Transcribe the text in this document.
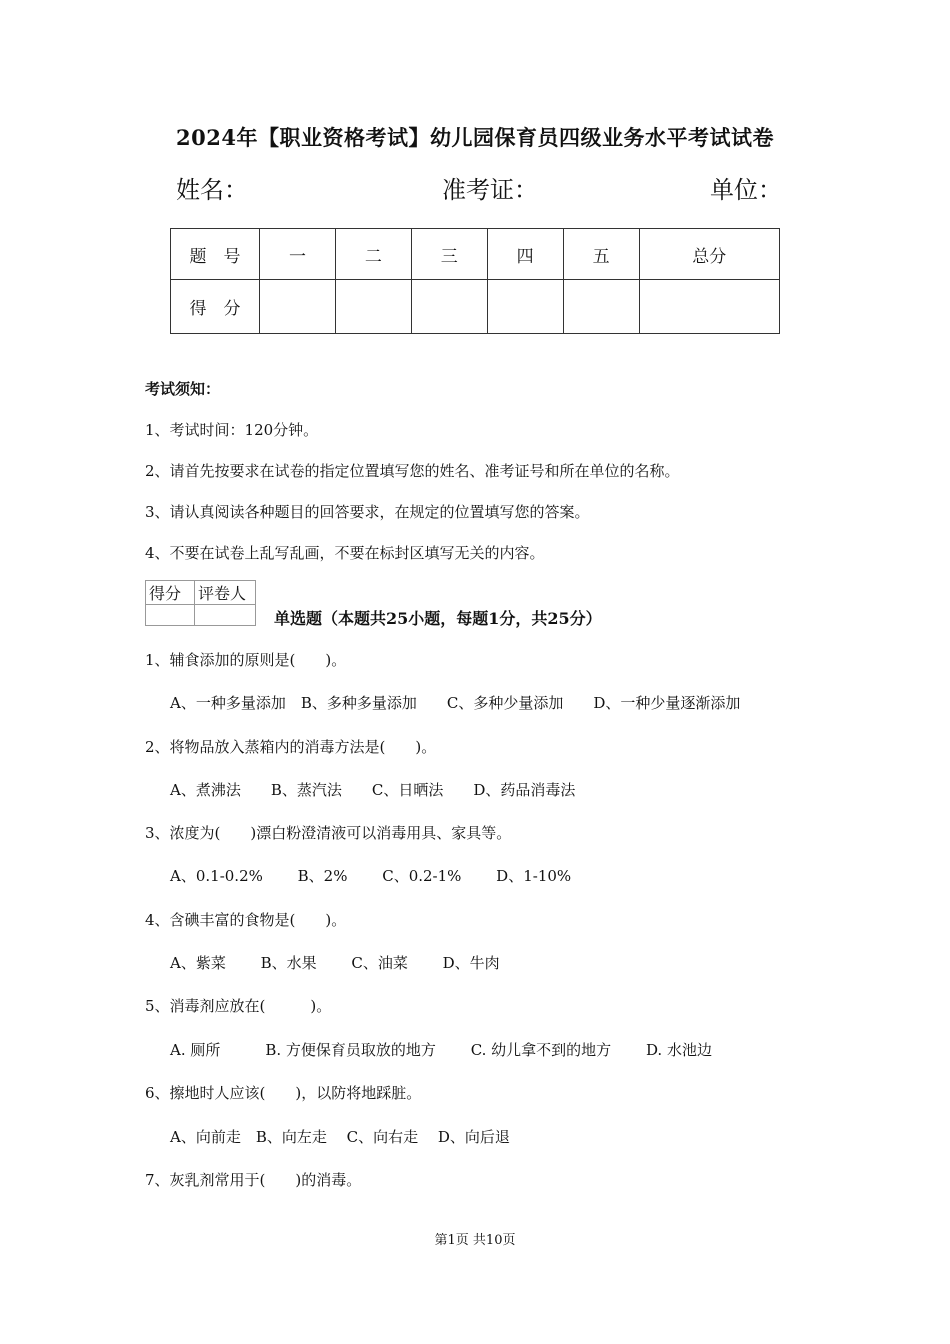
2024年【职业资格考试】幼儿园保育员四级业务水平考试试卷
姓名：	准考证：	单位：
题　号	一	二	三	四	五	总分
得　分						
考试须知：
1、考试时间：120分钟。
2、请首先按要求在试卷的指定位置填写您的姓名、准考证号和所在单位的名称。
3、请认真阅读各种题目的回答要求，在规定的位置填写您的答案。
4、不要在试卷上乱写乱画，不要在标封区填写无关的内容。
得分	评卷人

单选题（本题共25小题，每题1分，共25分）
1、辅食添加的原则是(　　)。
A、一种多量添加　B、多种多量添加　　C、多种少量添加　　D、一种少量逐渐添加
2、将物品放入蒸箱内的消毒方法是(　　)。
A、煮沸法　　B、蒸汽法　　C、日晒法　　D、药品消毒法
3、浓度为(　　)漂白粉澄清液可以消毒用具、家具等。
A、0.1-0.2%　　 B、2%　　 C、0.2-1%　　 D、1-10%
4、含碘丰富的食物是(　　)。
A、紫菜　　 B、水果　　 C、油菜　　 D、牛肉
5、消毒剂应放在(　　　)。
A. 厕所　　　B. 方便保育员取放的地方　　 C. 幼儿拿不到的地方　　 D. 水池边
6、擦地时人应该(　　)，以防将地踩脏。
A、向前走　B、向左走　 C、向右走　 D、向后退
7、灰乳剂常用于(　　)的消毒。
第1页 共10页
